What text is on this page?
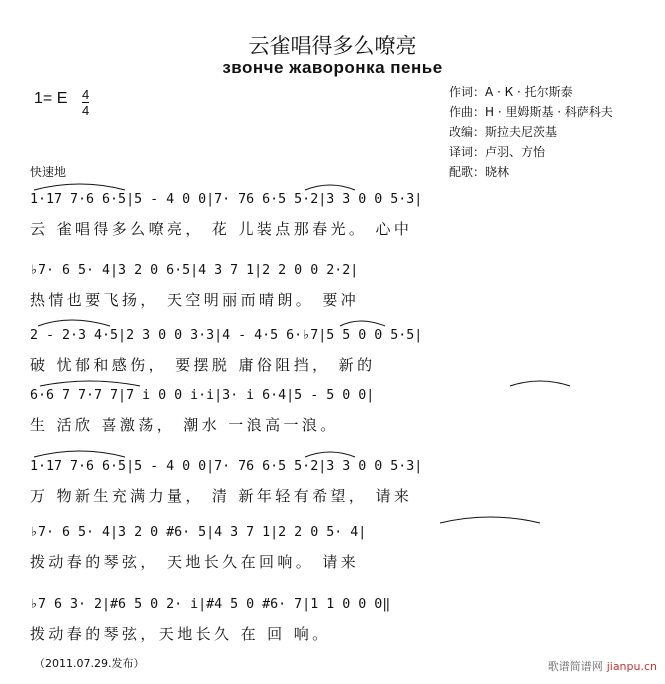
云雀唱得多么嘹亮
звонче жаворонка пенье
1= E 4
4
作词：А · К · 托尔斯泰
作曲：Н · 里姆斯基 · 科萨科夫
改编：斯拉夫尼茨基
译词：卢羽、方怡
配歌：晓林
快速地
1·17 7·6 6·5|5 - 4 0 0|7· 76 6·5 5·2|3 3 0 0 5·3|
云 雀唱得多么嘹亮， 花 儿装点那春光。 心中
♭7· 6 5· 4|3 2 0 6·5|4 3 7 1|2 2 0 0 2·2|
热情也要飞扬， 天空明丽而晴朗。 要冲
2 - 2·3 4·5|2 3 0 0 3·3|4 - 4·5 6·♭7|5 5 0 0 5·5|
破 忧郁和感伤， 要摆脱 庸俗阻挡， 新的
6·6 7 7·7 7|7 i 0 0 i·i|3· i 6·4|5 - 5 0 0|
生 活欣 喜激荡， 潮水 一浪高一浪。
1·17 7·6 6·5|5 - 4 0 0|7· 76 6·5 5·2|3 3 0 0 5·3|
万 物新生充满力量， 清 新年轻有希望， 请来
♭7· 6 5· 4|3 2 0 #6· 5|4 3 7 1|2 2 0 5· 4|
拨动春的琴弦， 天地长久在回响。 请来
♭7 6 3· 2|#6 5 0 2· i|#4 5 0 #6· 7|1 1 0 0 0‖
拨动春的琴弦，天地长久 在 回 响。
（2011.07.29.发布）	歌谱简谱网 jianpu.cn
